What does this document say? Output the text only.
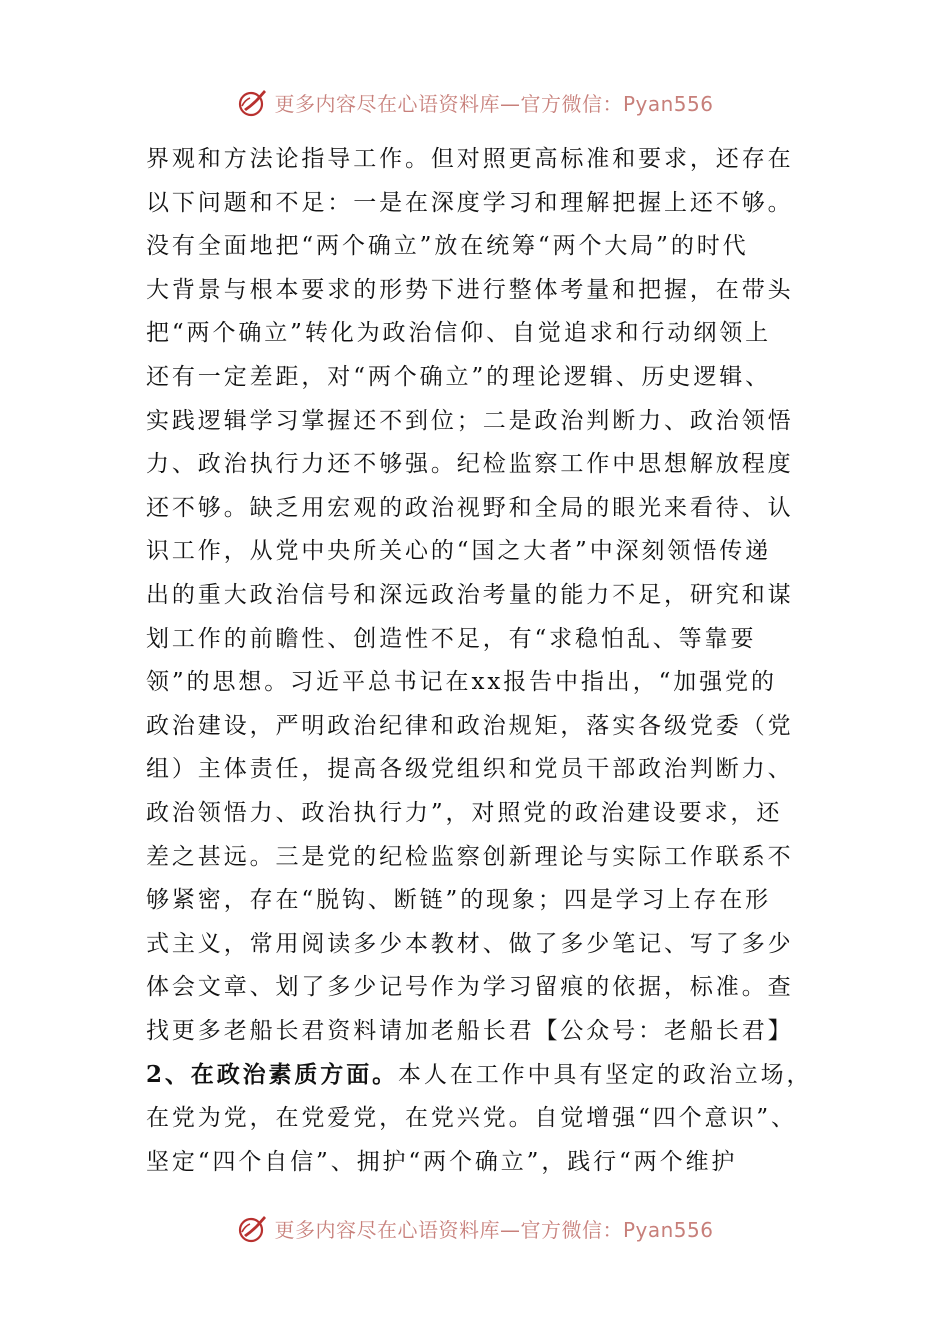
更多内容尽在心语资料库—官方微信：Pyan556
界观和方法论指导工作。但对照更高标准和要求，还存在
以下问题和不足：一是在深度学习和理解把握上还不够。
没有全面地把“两个确立”放在统筹“两个大局”的时代
大背景与根本要求的形势下进行整体考量和把握，在带头
把“两个确立”转化为政治信仰、自觉追求和行动纲领上
还有一定差距，对“两个确立”的理论逻辑、历史逻辑、
实践逻辑学习掌握还不到位；二是政治判断力、政治领悟
力、政治执行力还不够强。纪检监察工作中思想解放程度
还不够。缺乏用宏观的政治视野和全局的眼光来看待、认
识工作，从党中央所关心的“国之大者”中深刻领悟传递
出的重大政治信号和深远政治考量的能力不足，研究和谋
划工作的前瞻性、创造性不足，有“求稳怕乱、等靠要
领”的思想。习近平总书记在xx报告中指出，“加强党的
政治建设，严明政治纪律和政治规矩，落实各级党委（党
组）主体责任，提高各级党组织和党员干部政治判断力、
政治领悟力、政治执行力”，对照党的政治建设要求，还
差之甚远。三是党的纪检监察创新理论与实际工作联系不
够紧密，存在“脱钩、断链”的现象；四是学习上存在形
式主义，常用阅读多少本教材、做了多少笔记、写了多少
体会文章、划了多少记号作为学习留痕的依据，标准。查
找更多老船长君资料请加老船长君【公众号：老船长君】
2、在政治素质方面。本人在工作中具有坚定的政治立场，
在党为党，在党爱党，在党兴党。自觉增强“四个意识”、
坚定“四个自信”、拥护“两个确立”，践行“两个维护
更多内容尽在心语资料库—官方微信：Pyan556
